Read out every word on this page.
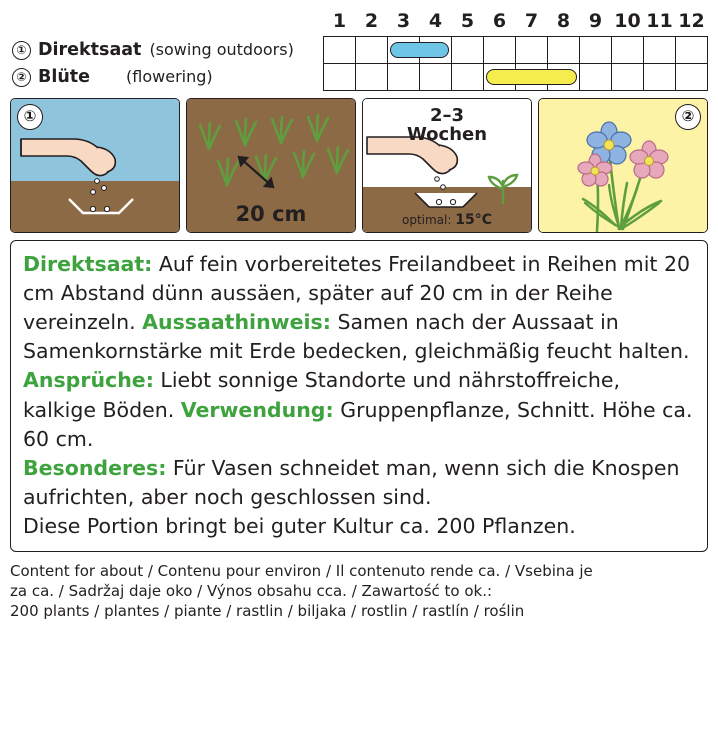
	1	2	3	4	5	6	7	8	9	10	11	12

① Direktsaat (sowing outdoors)												

② Blüte (flowering)												

①
20 cm
2–3
Wochen
optimal: 15°C
②

Direktsaat: Auf fein vorbereitetes Freilandbeet in Reihen mit 20 cm Abstand dünn aussäen, später auf 20 cm in der Reihe vereinzeln. Aussaathinweis: Samen nach der Aussaat in Samenkornstärke mit Erde bedecken, gleichmäßig feucht halten.

Ansprüche: Liebt sonnige Standorte und nährstoffreiche, kalkige Böden. Verwendung: Gruppenpflanze, Schnitt. Höhe ca. 60 cm.

Besonderes: Für Vasen schneidet man, wenn sich die Knospen aufrichten, aber noch geschlossen sind.

Diese Portion bringt bei guter Kultur ca. 200 Pflanzen.

Content for about / Contenu pour environ / Il contenuto rende ca. / Vsebina je
za ca. / Sadržaj daje oko / Výnos obsahu cca. / Zawartość to ok.:
200 plants / plantes / piante / rastlin / biljaka / rostlin / rastlín / roślin
